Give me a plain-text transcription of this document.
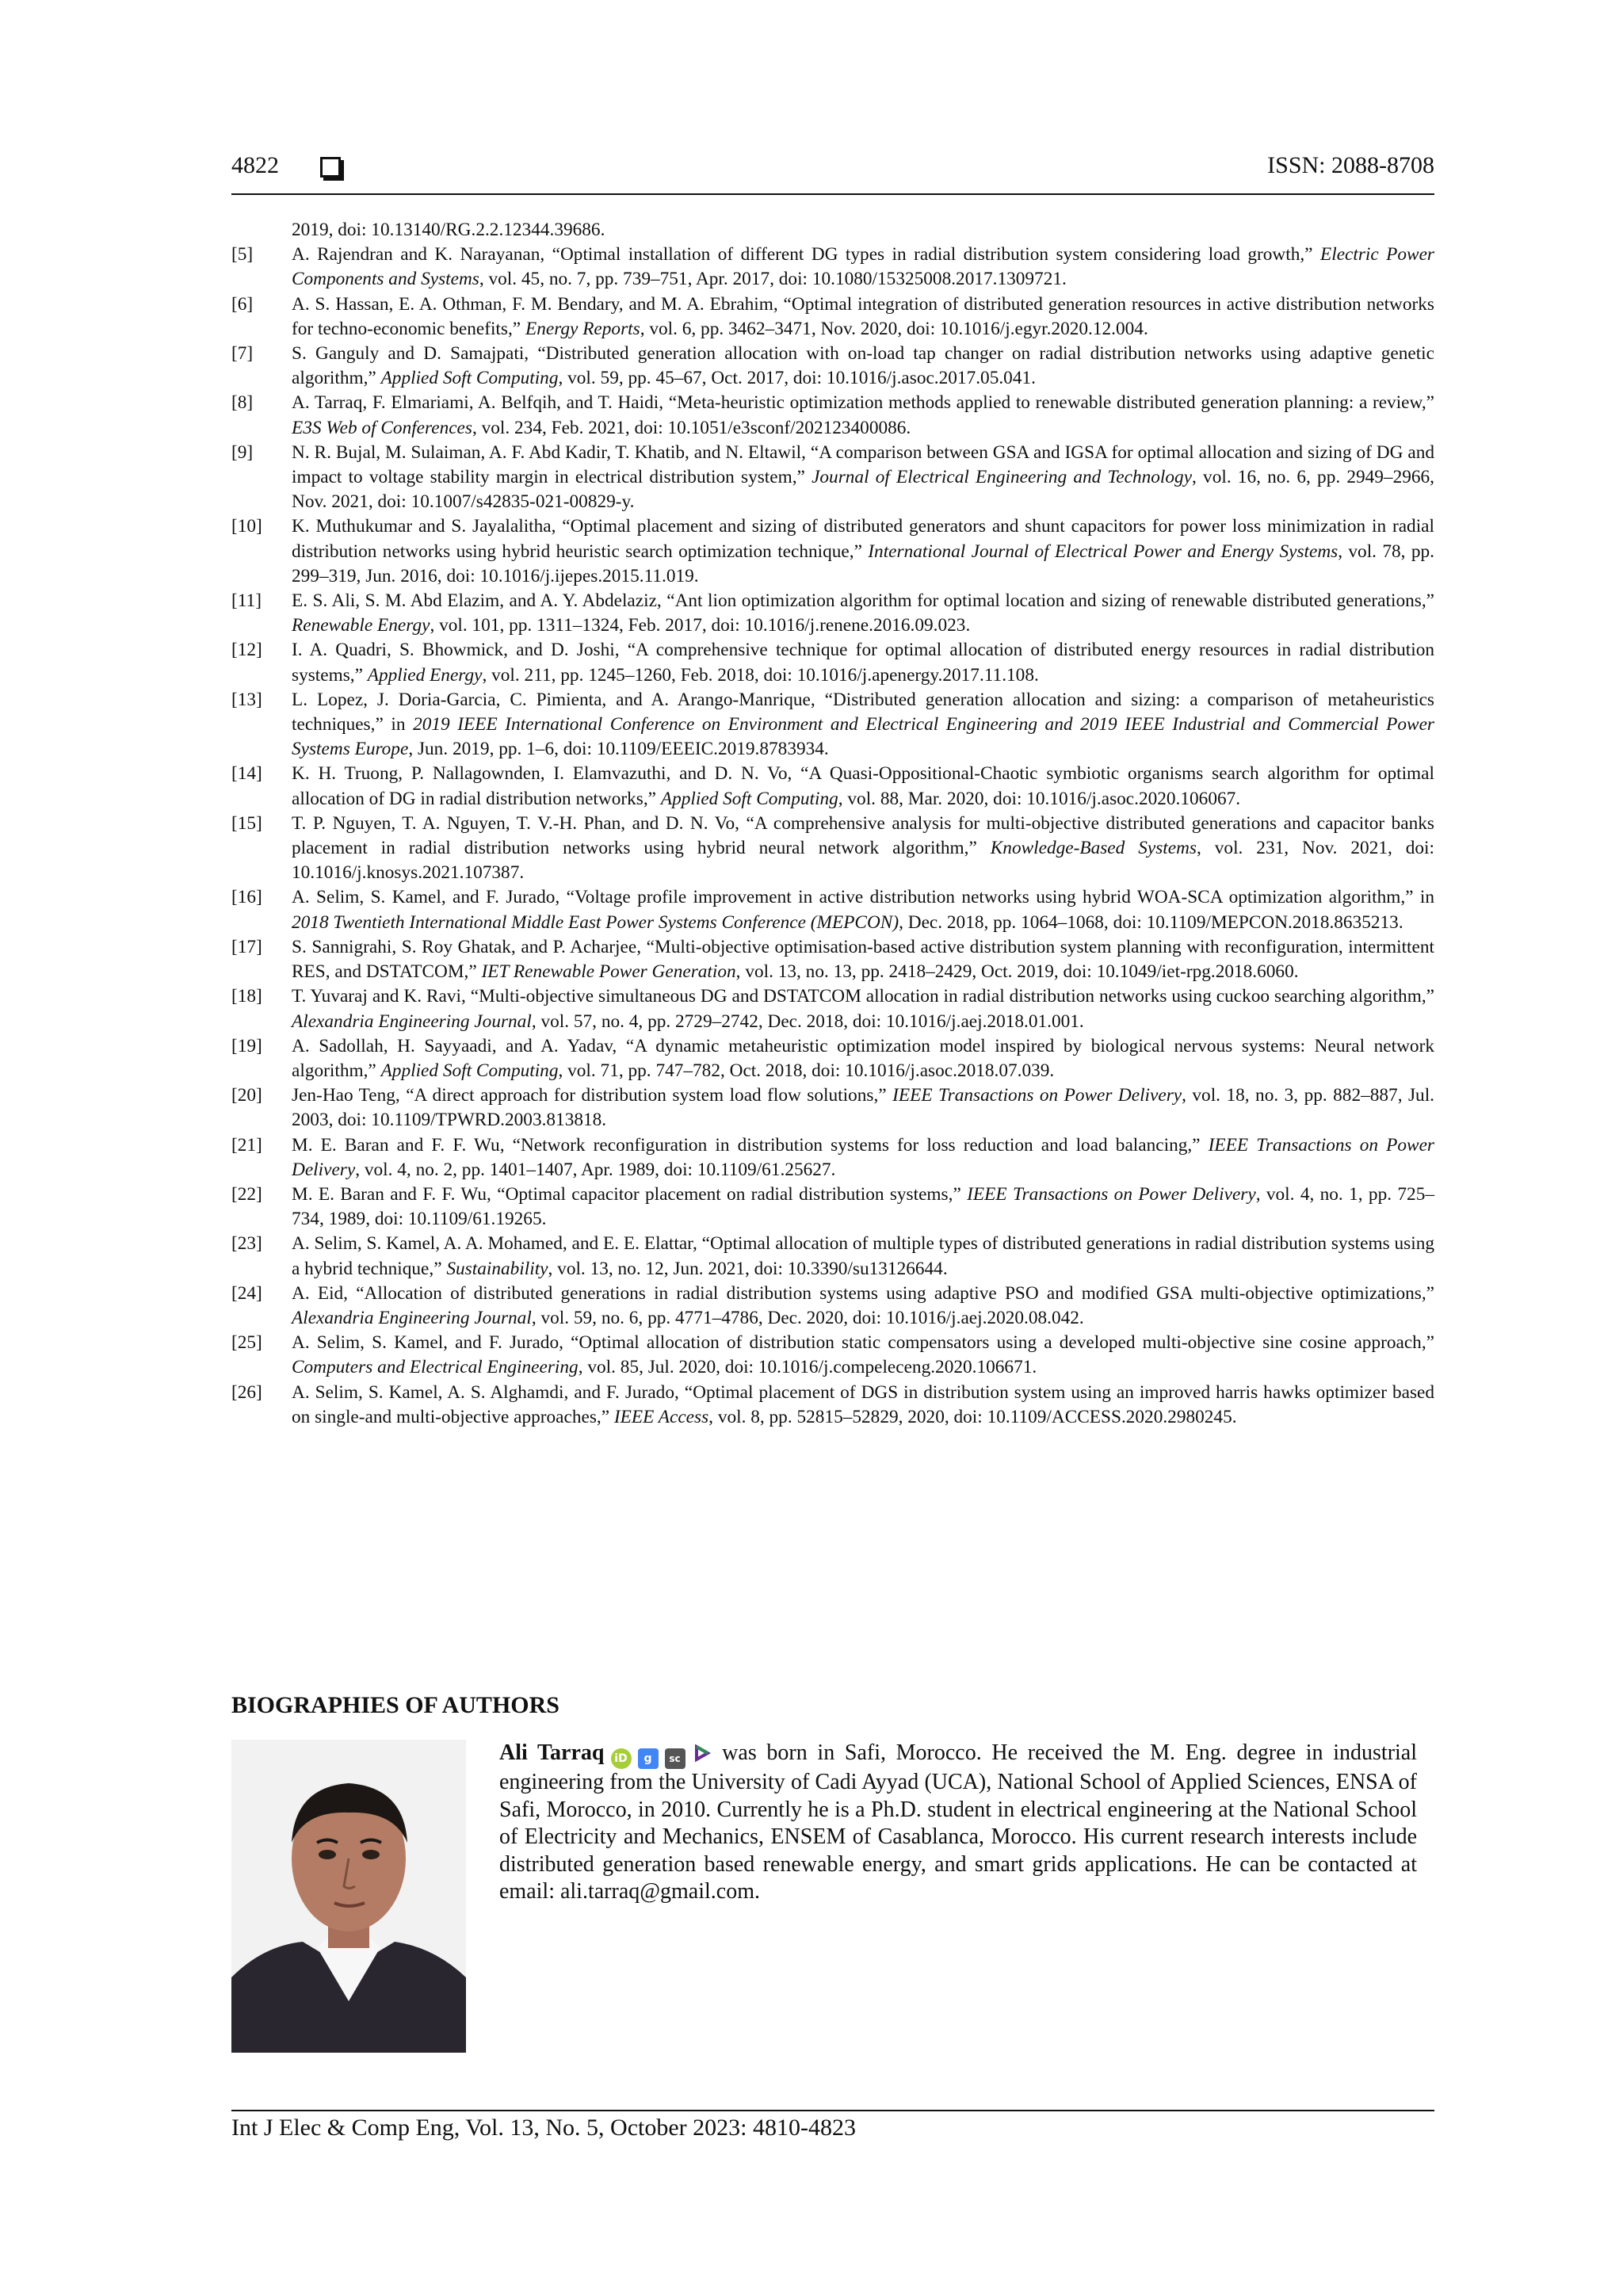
4822	ISSN: 2088-8708
2019, doi: 10.13140/RG.2.2.12344.39686.
[5]	A. Rajendran and K. Narayanan, “Optimal installation of different DG types in radial distribution system considering load growth,” Electric Power Components and Systems, vol. 45, no. 7, pp. 739–751, Apr. 2017, doi: 10.1080/15325008.2017.1309721.
[6]	A. S. Hassan, E. A. Othman, F. M. Bendary, and M. A. Ebrahim, “Optimal integration of distributed generation resources in active distribution networks for techno-economic benefits,” Energy Reports, vol. 6, pp. 3462–3471, Nov. 2020, doi: 10.1016/j.egyr.2020.12.004.
[7]	S. Ganguly and D. Samajpati, “Distributed generation allocation with on-load tap changer on radial distribution networks using adaptive genetic algorithm,” Applied Soft Computing, vol. 59, pp. 45–67, Oct. 2017, doi: 10.1016/j.asoc.2017.05.041.
[8]	A. Tarraq, F. Elmariami, A. Belfqih, and T. Haidi, “Meta-heuristic optimization methods applied to renewable distributed generation planning: a review,” E3S Web of Conferences, vol. 234, Feb. 2021, doi: 10.1051/e3sconf/202123400086.
[9]	N. R. Bujal, M. Sulaiman, A. F. Abd Kadir, T. Khatib, and N. Eltawil, “A comparison between GSA and IGSA for optimal allocation and sizing of DG and impact to voltage stability margin in electrical distribution system,” Journal of Electrical Engineering and Technology, vol. 16, no. 6, pp. 2949–2966, Nov. 2021, doi: 10.1007/s42835-021-00829-y.
[10]	K. Muthukumar and S. Jayalalitha, “Optimal placement and sizing of distributed generators and shunt capacitors for power loss minimization in radial distribution networks using hybrid heuristic search optimization technique,” International Journal of Electrical Power and Energy Systems, vol. 78, pp. 299–319, Jun. 2016, doi: 10.1016/j.ijepes.2015.11.019.
[11]	E. S. Ali, S. M. Abd Elazim, and A. Y. Abdelaziz, “Ant lion optimization algorithm for optimal location and sizing of renewable distributed generations,” Renewable Energy, vol. 101, pp. 1311–1324, Feb. 2017, doi: 10.1016/j.renene.2016.09.023.
[12]	I. A. Quadri, S. Bhowmick, and D. Joshi, “A comprehensive technique for optimal allocation of distributed energy resources in radial distribution systems,” Applied Energy, vol. 211, pp. 1245–1260, Feb. 2018, doi: 10.1016/j.apenergy.2017.11.108.
[13]	L. Lopez, J. Doria-Garcia, C. Pimienta, and A. Arango-Manrique, “Distributed generation allocation and sizing: a comparison of metaheuristics techniques,” in 2019 IEEE International Conference on Environment and Electrical Engineering and 2019 IEEE Industrial and Commercial Power Systems Europe, Jun. 2019, pp. 1–6, doi: 10.1109/EEEIC.2019.8783934.
[14]	K. H. Truong, P. Nallagownden, I. Elamvazuthi, and D. N. Vo, “A Quasi-Oppositional-Chaotic symbiotic organisms search algorithm for optimal allocation of DG in radial distribution networks,” Applied Soft Computing, vol. 88, Mar. 2020, doi: 10.1016/j.asoc.2020.106067.
[15]	T. P. Nguyen, T. A. Nguyen, T. V.-H. Phan, and D. N. Vo, “A comprehensive analysis for multi-objective distributed generations and capacitor banks placement in radial distribution networks using hybrid neural network algorithm,” Knowledge-Based Systems, vol. 231, Nov. 2021, doi: 10.1016/j.knosys.2021.107387.
[16]	A. Selim, S. Kamel, and F. Jurado, “Voltage profile improvement in active distribution networks using hybrid WOA-SCA optimization algorithm,” in 2018 Twentieth International Middle East Power Systems Conference (MEPCON), Dec. 2018, pp. 1064–1068, doi: 10.1109/MEPCON.2018.8635213.
[17]	S. Sannigrahi, S. Roy Ghatak, and P. Acharjee, “Multi-objective optimisation-based active distribution system planning with reconfiguration, intermittent RES, and DSTATCOM,” IET Renewable Power Generation, vol. 13, no. 13, pp. 2418–2429, Oct. 2019, doi: 10.1049/iet-rpg.2018.6060.
[18]	T. Yuvaraj and K. Ravi, “Multi-objective simultaneous DG and DSTATCOM allocation in radial distribution networks using cuckoo searching algorithm,” Alexandria Engineering Journal, vol. 57, no. 4, pp. 2729–2742, Dec. 2018, doi: 10.1016/j.aej.2018.01.001.
[19]	A. Sadollah, H. Sayyaadi, and A. Yadav, “A dynamic metaheuristic optimization model inspired by biological nervous systems: Neural network algorithm,” Applied Soft Computing, vol. 71, pp. 747–782, Oct. 2018, doi: 10.1016/j.asoc.2018.07.039.
[20]	Jen-Hao Teng, “A direct approach for distribution system load flow solutions,” IEEE Transactions on Power Delivery, vol. 18, no. 3, pp. 882–887, Jul. 2003, doi: 10.1109/TPWRD.2003.813818.
[21]	M. E. Baran and F. F. Wu, “Network reconfiguration in distribution systems for loss reduction and load balancing,” IEEE Transactions on Power Delivery, vol. 4, no. 2, pp. 1401–1407, Apr. 1989, doi: 10.1109/61.25627.
[22]	M. E. Baran and F. F. Wu, “Optimal capacitor placement on radial distribution systems,” IEEE Transactions on Power Delivery, vol. 4, no. 1, pp. 725–734, 1989, doi: 10.1109/61.19265.
[23]	A. Selim, S. Kamel, A. A. Mohamed, and E. E. Elattar, “Optimal allocation of multiple types of distributed generations in radial distribution systems using a hybrid technique,” Sustainability, vol. 13, no. 12, Jun. 2021, doi: 10.3390/su13126644.
[24]	A. Eid, “Allocation of distributed generations in radial distribution systems using adaptive PSO and modified GSA multi-objective optimizations,” Alexandria Engineering Journal, vol. 59, no. 6, pp. 4771–4786, Dec. 2020, doi: 10.1016/j.aej.2020.08.042.
[25]	A. Selim, S. Kamel, and F. Jurado, “Optimal allocation of distribution static compensators using a developed multi-objective sine cosine approach,” Computers and Electrical Engineering, vol. 85, Jul. 2020, doi: 10.1016/j.compeleceng.2020.106671.
[26]	A. Selim, S. Kamel, A. S. Alghamdi, and F. Jurado, “Optimal placement of DGS in distribution system using an improved harris hawks optimizer based on single-and multi-objective approaches,” IEEE Access, vol. 8, pp. 52815–52829, 2020, doi: 10.1109/ACCESS.2020.2980245.
BIOGRAPHIES OF AUTHORS
Ali Tarraq iD g sc was born in Safi, Morocco. He received the M. Eng. degree in industrial engineering from the University of Cadi Ayyad (UCA), National School of Applied Sciences, ENSA of Safi, Morocco, in 2010. Currently he is a Ph.D. student in electrical engineering at the National School of Electricity and Mechanics, ENSEM of Casablanca, Morocco. His current research interests include distributed generation based renewable energy, and smart grids applications. He can be contacted at email: ali.tarraq@gmail.com.
Int J Elec & Comp Eng, Vol. 13, No. 5, October 2023: 4810-4823
